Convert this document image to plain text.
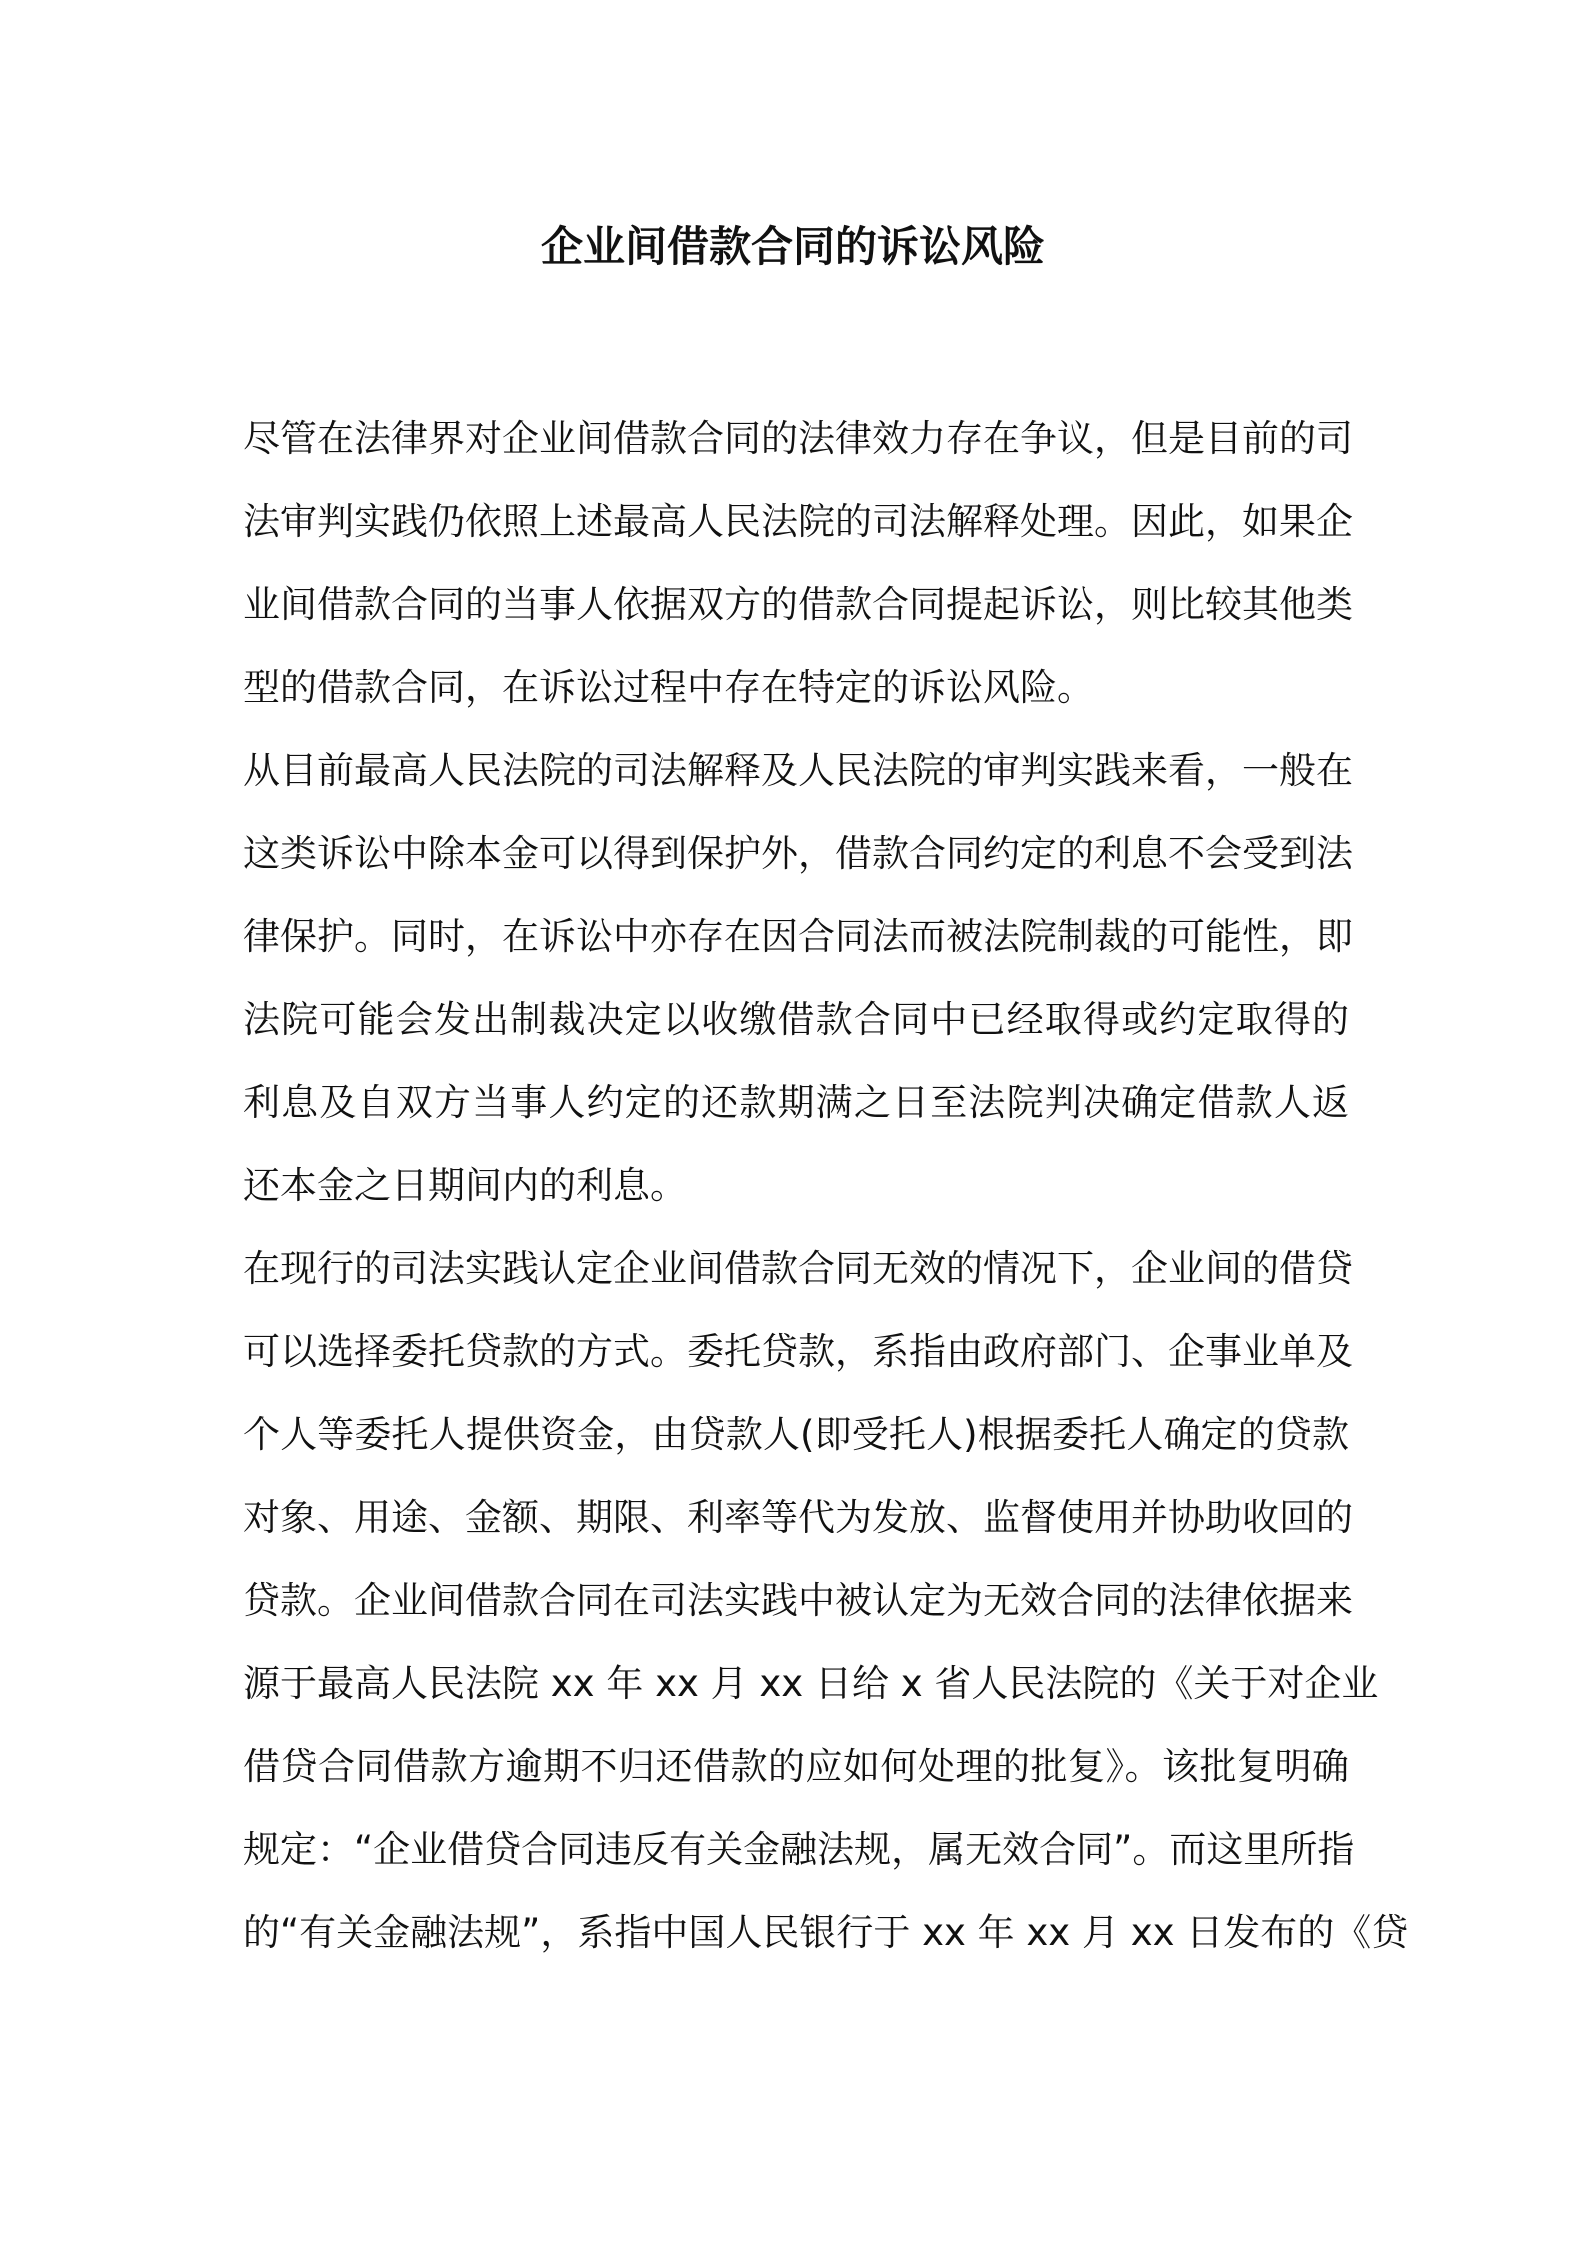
企业间借款合同的诉讼风险
尽管在法律界对企业间借款合同的法律效力存在争议，但是目前的司
法审判实践仍依照上述最高人民法院的司法解释处理。因此，如果企
业间借款合同的当事人依据双方的借款合同提起诉讼，则比较其他类
型的借款合同，在诉讼过程中存在特定的诉讼风险。
从目前最高人民法院的司法解释及人民法院的审判实践来看，一般在
这类诉讼中除本金可以得到保护外，借款合同约定的利息不会受到法
律保护。同时，在诉讼中亦存在因合同法而被法院制裁的可能性，即
法院可能会发出制裁决定以收缴借款合同中已经取得或约定取得的
利息及自双方当事人约定的还款期满之日至法院判决确定借款人返
还本金之日期间内的利息。
在现行的司法实践认定企业间借款合同无效的情况下，企业间的借贷
可以选择委托贷款的方式。委托贷款，系指由政府部门、企事业单及
个人等委托人提供资金，由贷款人(即受托人)根据委托人确定的贷款
对象、用途、金额、期限、利率等代为发放、监督使用并协助收回的
贷款。企业间借款合同在司法实践中被认定为无效合同的法律依据来
源于最高人民法院 xx 年 xx 月 xx 日给 x 省人民法院的《关于对企业
借贷合同借款方逾期不归还借款的应如何处理的批复》。该批复明确
规定：“企业借贷合同违反有关金融法规，属无效合同”。而这里所指
的“有关金融法规”，系指中国人民银行于 xx 年 xx 月 xx 日发布的《贷
